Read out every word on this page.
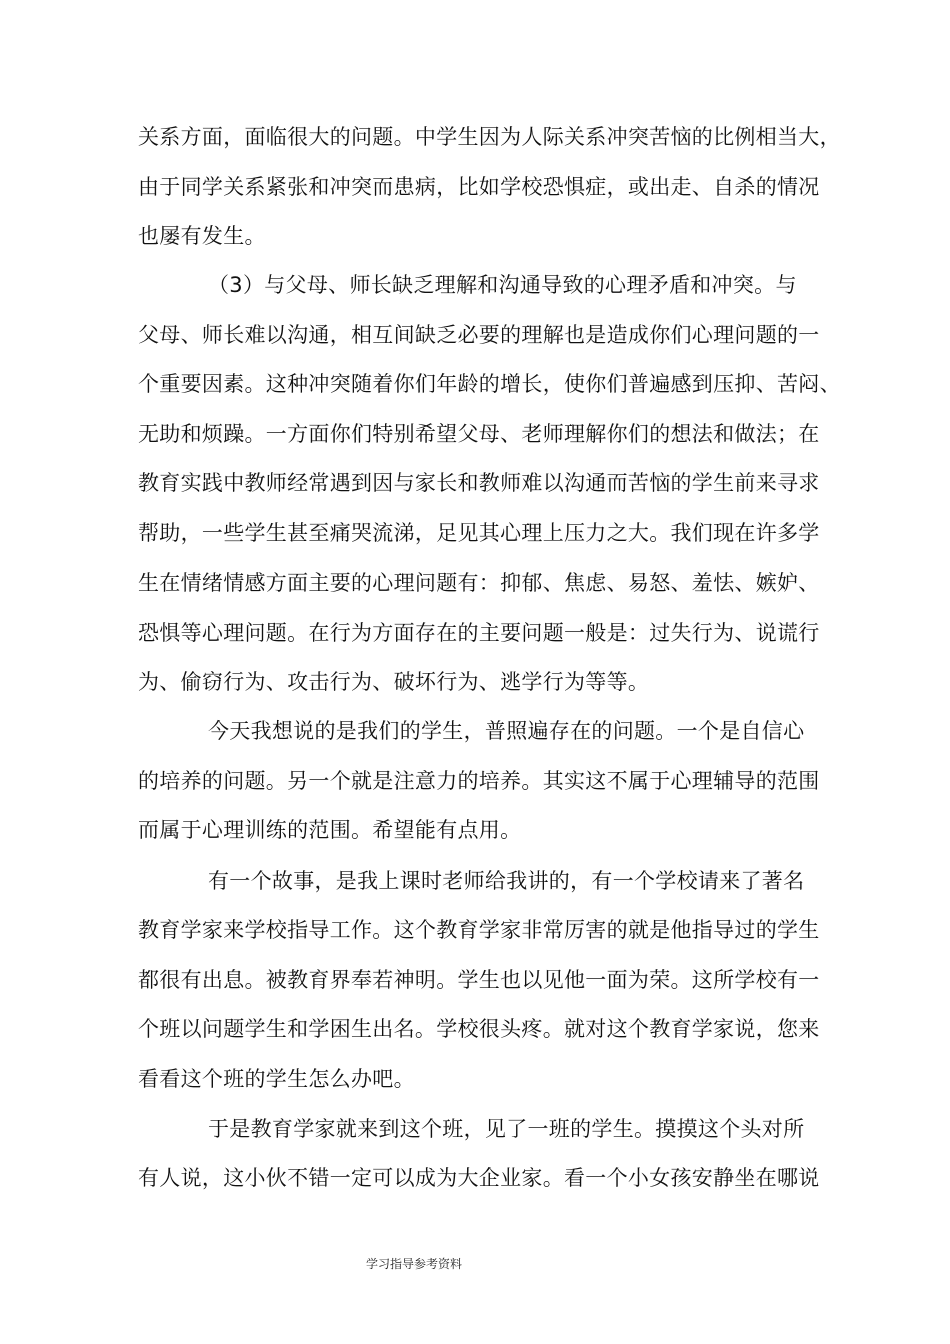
关系方面，面临很大的问题。中学生因为人际关系冲突苦恼的比例相当大，
由于同学关系紧张和冲突而患病，比如学校恐惧症，或出走、自杀的情况
也屡有发生。
（3）与父母、师长缺乏理解和沟通导致的心理矛盾和冲突。与
父母、师长难以沟通，相互间缺乏必要的理解也是造成你们心理问题的一
个重要因素。这种冲突随着你们年龄的增长，使你们普遍感到压抑、苦闷、
无助和烦躁。一方面你们特别希望父母、老师理解你们的想法和做法；在
教育实践中教师经常遇到因与家长和教师难以沟通而苦恼的学生前来寻求
帮助，一些学生甚至痛哭流涕，足见其心理上压力之大。我们现在许多学
生在情绪情感方面主要的心理问题有：抑郁、焦虑、易怒、羞怯、嫉妒、
恐惧等心理问题。在行为方面存在的主要问题一般是：过失行为、说谎行
为、偷窃行为、攻击行为、破坏行为、逃学行为等等。
今天我想说的是我们的学生，普照遍存在的问题。一个是自信心
的培养的问题。另一个就是注意力的培养。其实这不属于心理辅导的范围
而属于心理训练的范围。希望能有点用。
有一个故事，是我上课时老师给我讲的，有一个学校请来了著名
教育学家来学校指导工作。这个教育学家非常厉害的就是他指导过的学生
都很有出息。被教育界奉若神明。学生也以见他一面为荣。这所学校有一
个班以问题学生和学困生出名。学校很头疼。就对这个教育学家说，您来
看看这个班的学生怎么办吧。
于是教育学家就来到这个班，见了一班的学生。摸摸这个头对所
有人说，这小伙不错一定可以成为大企业家。看一个小女孩安静坐在哪说
学习指导参考资料
